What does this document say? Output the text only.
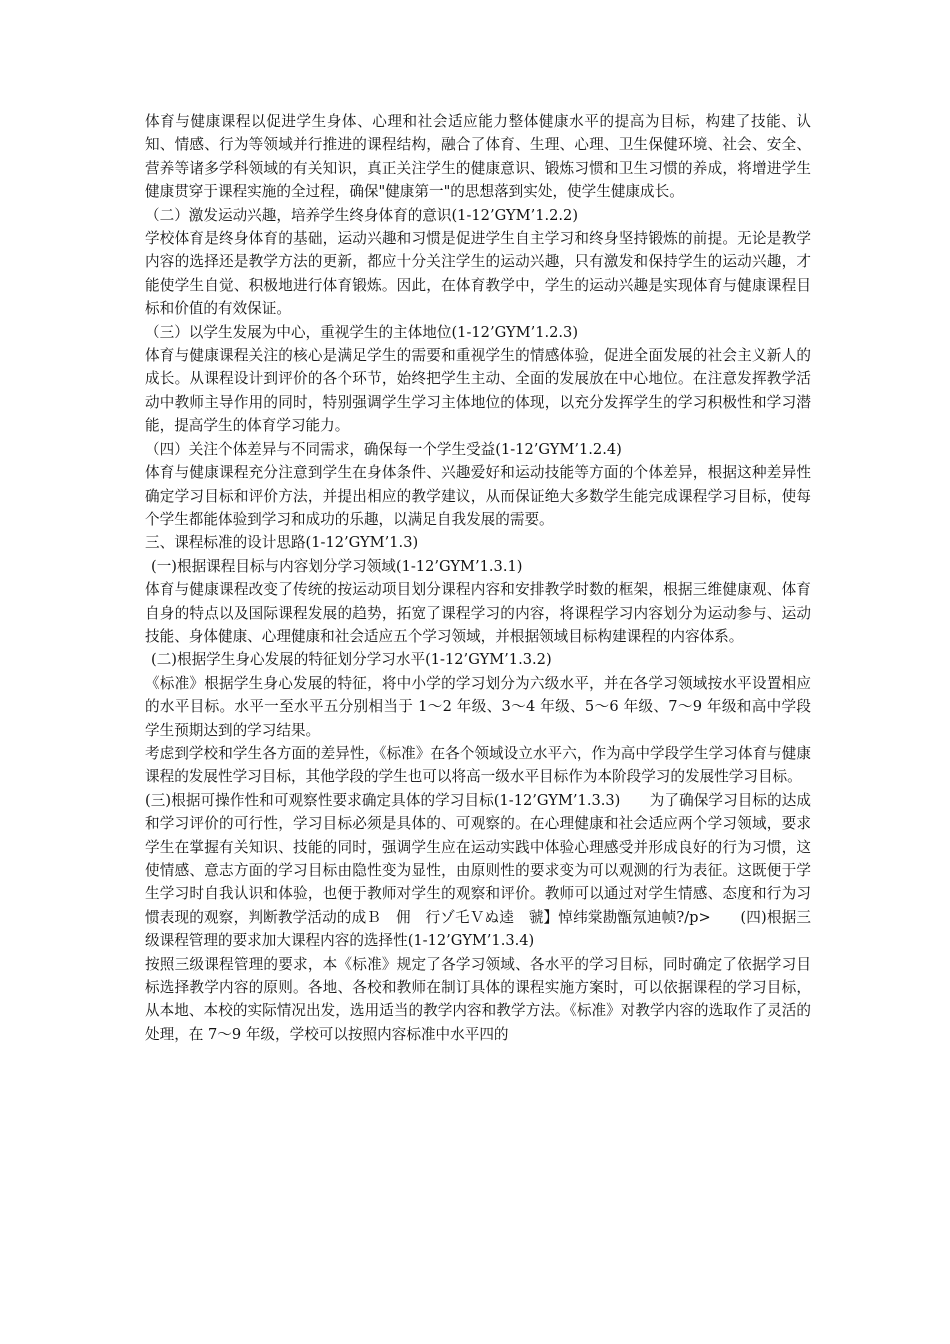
体育与健康课程以促进学生身体、心理和社会适应能力整体健康水平的提高为目标，构建了技能、认知、情感、行为等领域并行推进的课程结构，融合了体育、生理、心理、卫生保健环境、社会、安全、营养等诸多学科领域的有关知识，真正关注学生的健康意识、锻炼习惯和卫生习惯的养成，将增进学生健康贯穿于课程实施的全过程，确保"健康第一"的思想落到实处，使学生健康成长。

（二）激发运动兴趣，培养学生终身体育的意识(1-12’GYM’1.2.2)

学校体育是终身体育的基础，运动兴趣和习惯是促进学生自主学习和终身坚持锻炼的前提。无论是教学内容的选择还是教学方法的更新，都应十分关注学生的运动兴趣，只有激发和保持学生的运动兴趣，才能使学生自觉、积极地进行体育锻炼。因此，在体育教学中，学生的运动兴趣是实现体育与健康课程目标和价值的有效保证。

（三）以学生发展为中心，重视学生的主体地位(1-12’GYM’1.2.3)

体育与健康课程关注的核心是满足学生的需要和重视学生的情感体验，促进全面发展的社会主义新人的成长。从课程设计到评价的各个环节，始终把学生主动、全面的发展放在中心地位。在注意发挥教学活动中教师主导作用的同时，特别强调学生学习主体地位的体现，以充分发挥学生的学习积极性和学习潜能，提高学生的体育学习能力。

（四）关注个体差异与不同需求，确保每一个学生受益(1-12’GYM’1.2.4)

体育与健康课程充分注意到学生在身体条件、兴趣爱好和运动技能等方面的个体差异，根据这种差异性确定学习目标和评价方法，并提出相应的教学建议，从而保证绝大多数学生能完成课程学习目标，使每个学生都能体验到学习和成功的乐趣，以满足自我发展的需要。

三、课程标准的设计思路(1-12’GYM’1.3)

(一)根据课程目标与内容划分学习领域(1-12’GYM’1.3.1)

体育与健康课程改变了传统的按运动项目划分课程内容和安排教学时数的框架，根据三维健康观、体育自身的特点以及国际课程发展的趋势，拓宽了课程学习的内容，将课程学习内容划分为运动参与、运动技能、身体健康、心理健康和社会适应五个学习领域，并根据领域目标构建课程的内容体系。

(二)根据学生身心发展的特征划分学习水平(1-12’GYM’1.3.2)

《标准》根据学生身心发展的特征，将中小学的学习划分为六级水平，并在各学习领域按水平设置相应的水平目标。水平一至水平五分别相当于 1～2 年级、3～4 年级、5～6 年级、7～9 年级和高中学段学生预期达到的学习结果。

考虑到学校和学生各方面的差异性，《标准》在各个领域设立水平六，作为高中学段学生学习体育与健康课程的发展性学习目标，其他学段的学生也可以将高一级水平目标作为本阶段学习的发展性学习目标。

(三)根据可操作性和可观察性要求确定具体的学习目标(1-12’GYM’1.3.3)　　为了确保学习目标的达成和学习评价的可行性，学习目标必须是具体的、可观察的。在心理健康和社会适应两个学习领域，要求学生在掌握有关知识、技能的同时，强调学生应在运动实践中体验心理感受并形成良好的行为习惯，这使情感、意志方面的学习目标由隐性变为显性，由原则性的要求变为可以观测的行为表征。这既便于学生学习时自我认识和体验，也便于教师对学生的观察和评价。教师可以通过对学生情感、态度和行为习惯表现的观察，判断教学活动的成Ｂ　佣　行ゾ乇Ｖぬ逵　虢】悼纬棠勘甑氖迪帧?/p>　　(四)根据三级课程管理的要求加大课程内容的选择性(1-12’GYM’1.3.4)

按照三级课程管理的要求，本《标准》规定了各学习领域、各水平的学习目标，同时确定了依据学习目标选择教学内容的原则。各地、各校和教师在制订具体的课程实施方案时，可以依据课程的学习目标，从本地、本校的实际情况出发，选用适当的教学内容和教学方法。《标准》对教学内容的选取作了灵活的处理，在 7～9 年级，学校可以按照内容标准中水平四的
